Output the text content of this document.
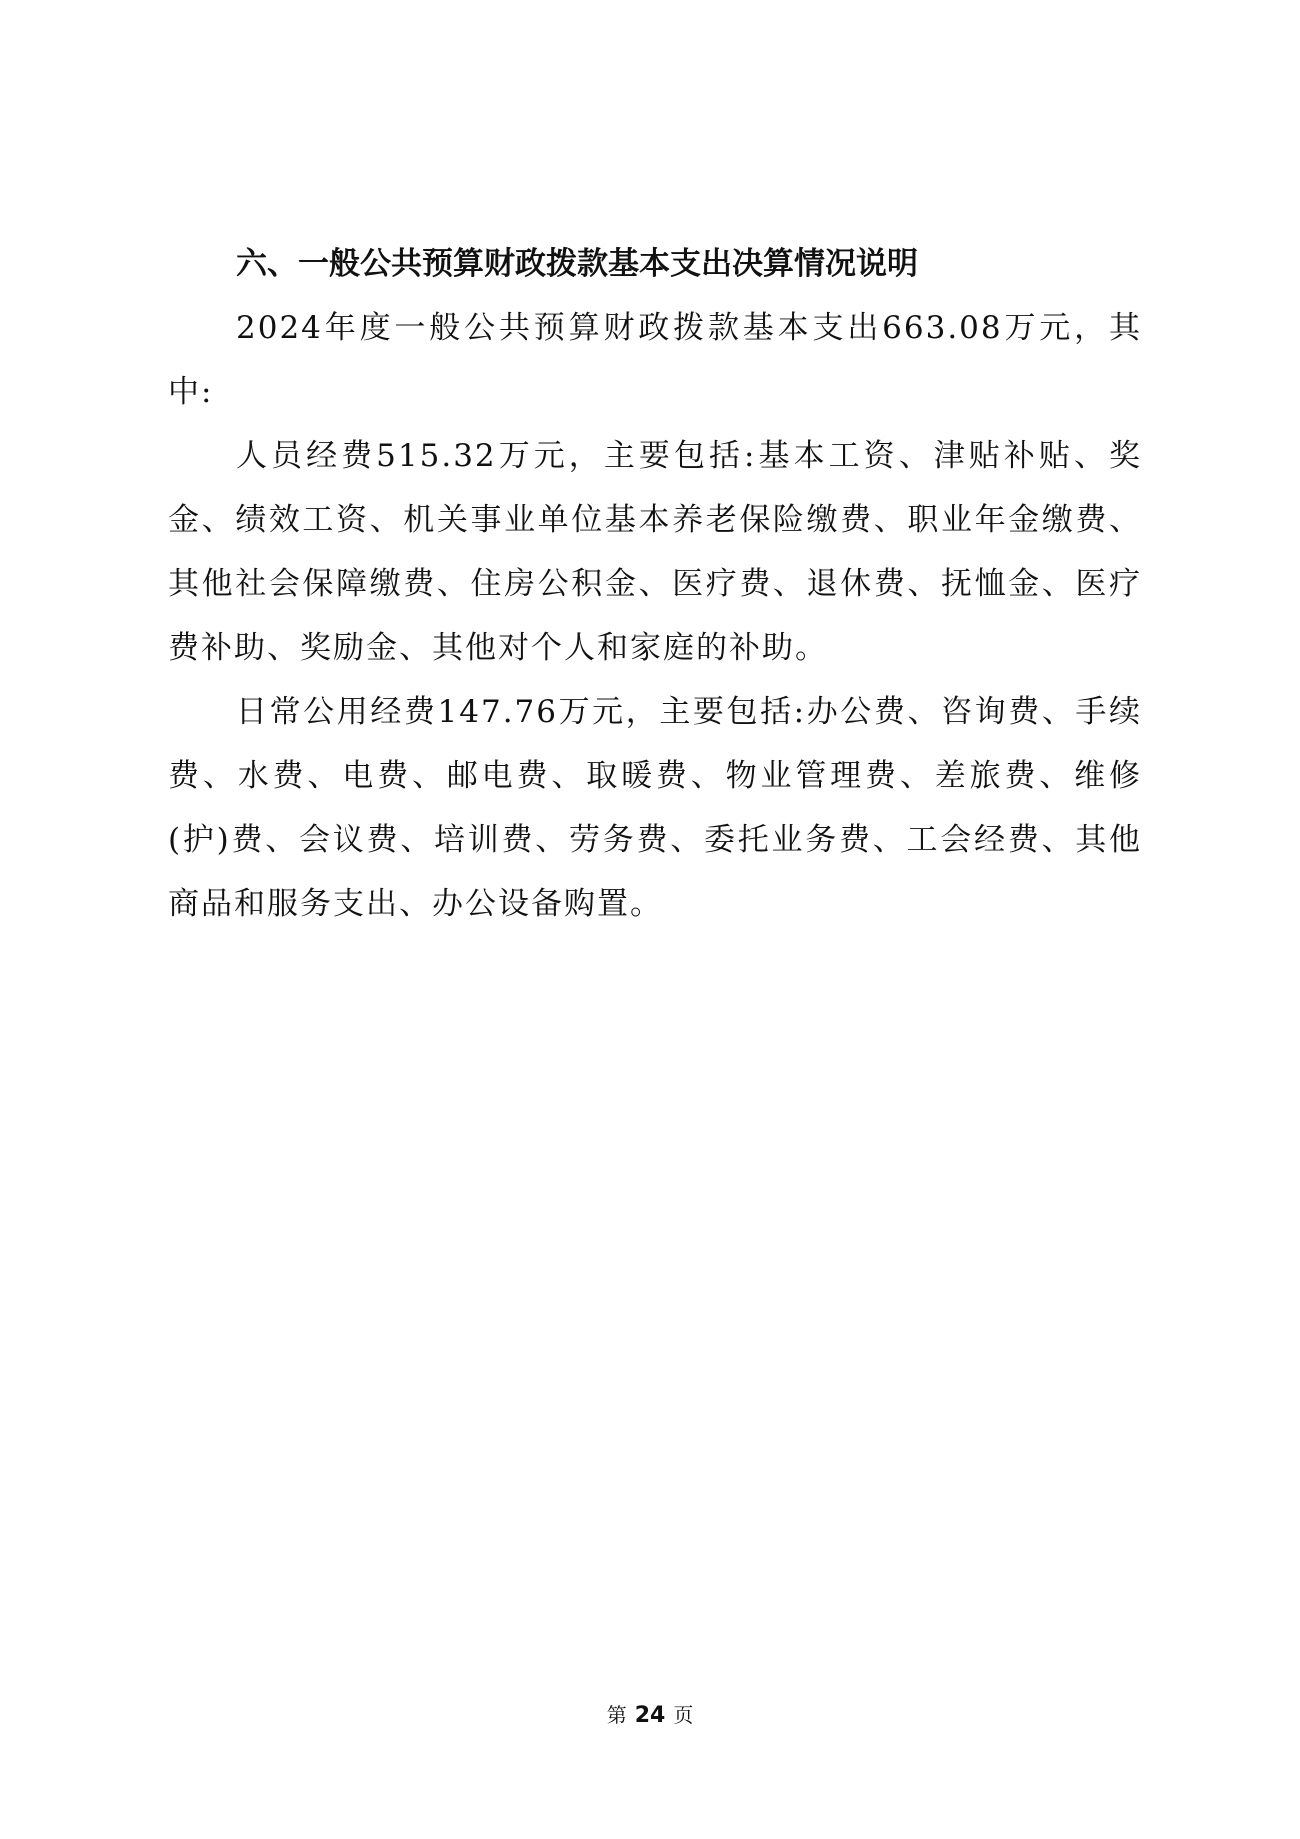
六、一般公共预算财政拨款基本支出决算情况说明

2024年度一般公共预算财政拨款基本支出663.08万元，其中:

人员经费515.32万元，主要包括:基本工资、津贴补贴、奖金、绩效工资、机关事业单位基本养老保险缴费、职业年金缴费、其他社会保障缴费、住房公积金、医疗费、退休费、抚恤金、医疗费补助、奖励金、其他对个人和家庭的补助。

日常公用经费147.76万元，主要包括:办公费、咨询费、手续费、水费、电费、邮电费、取暖费、物业管理费、差旅费、维修(护)费、会议费、培训费、劳务费、委托业务费、工会经费、其他商品和服务支出、办公设备购置。

第 24 页
